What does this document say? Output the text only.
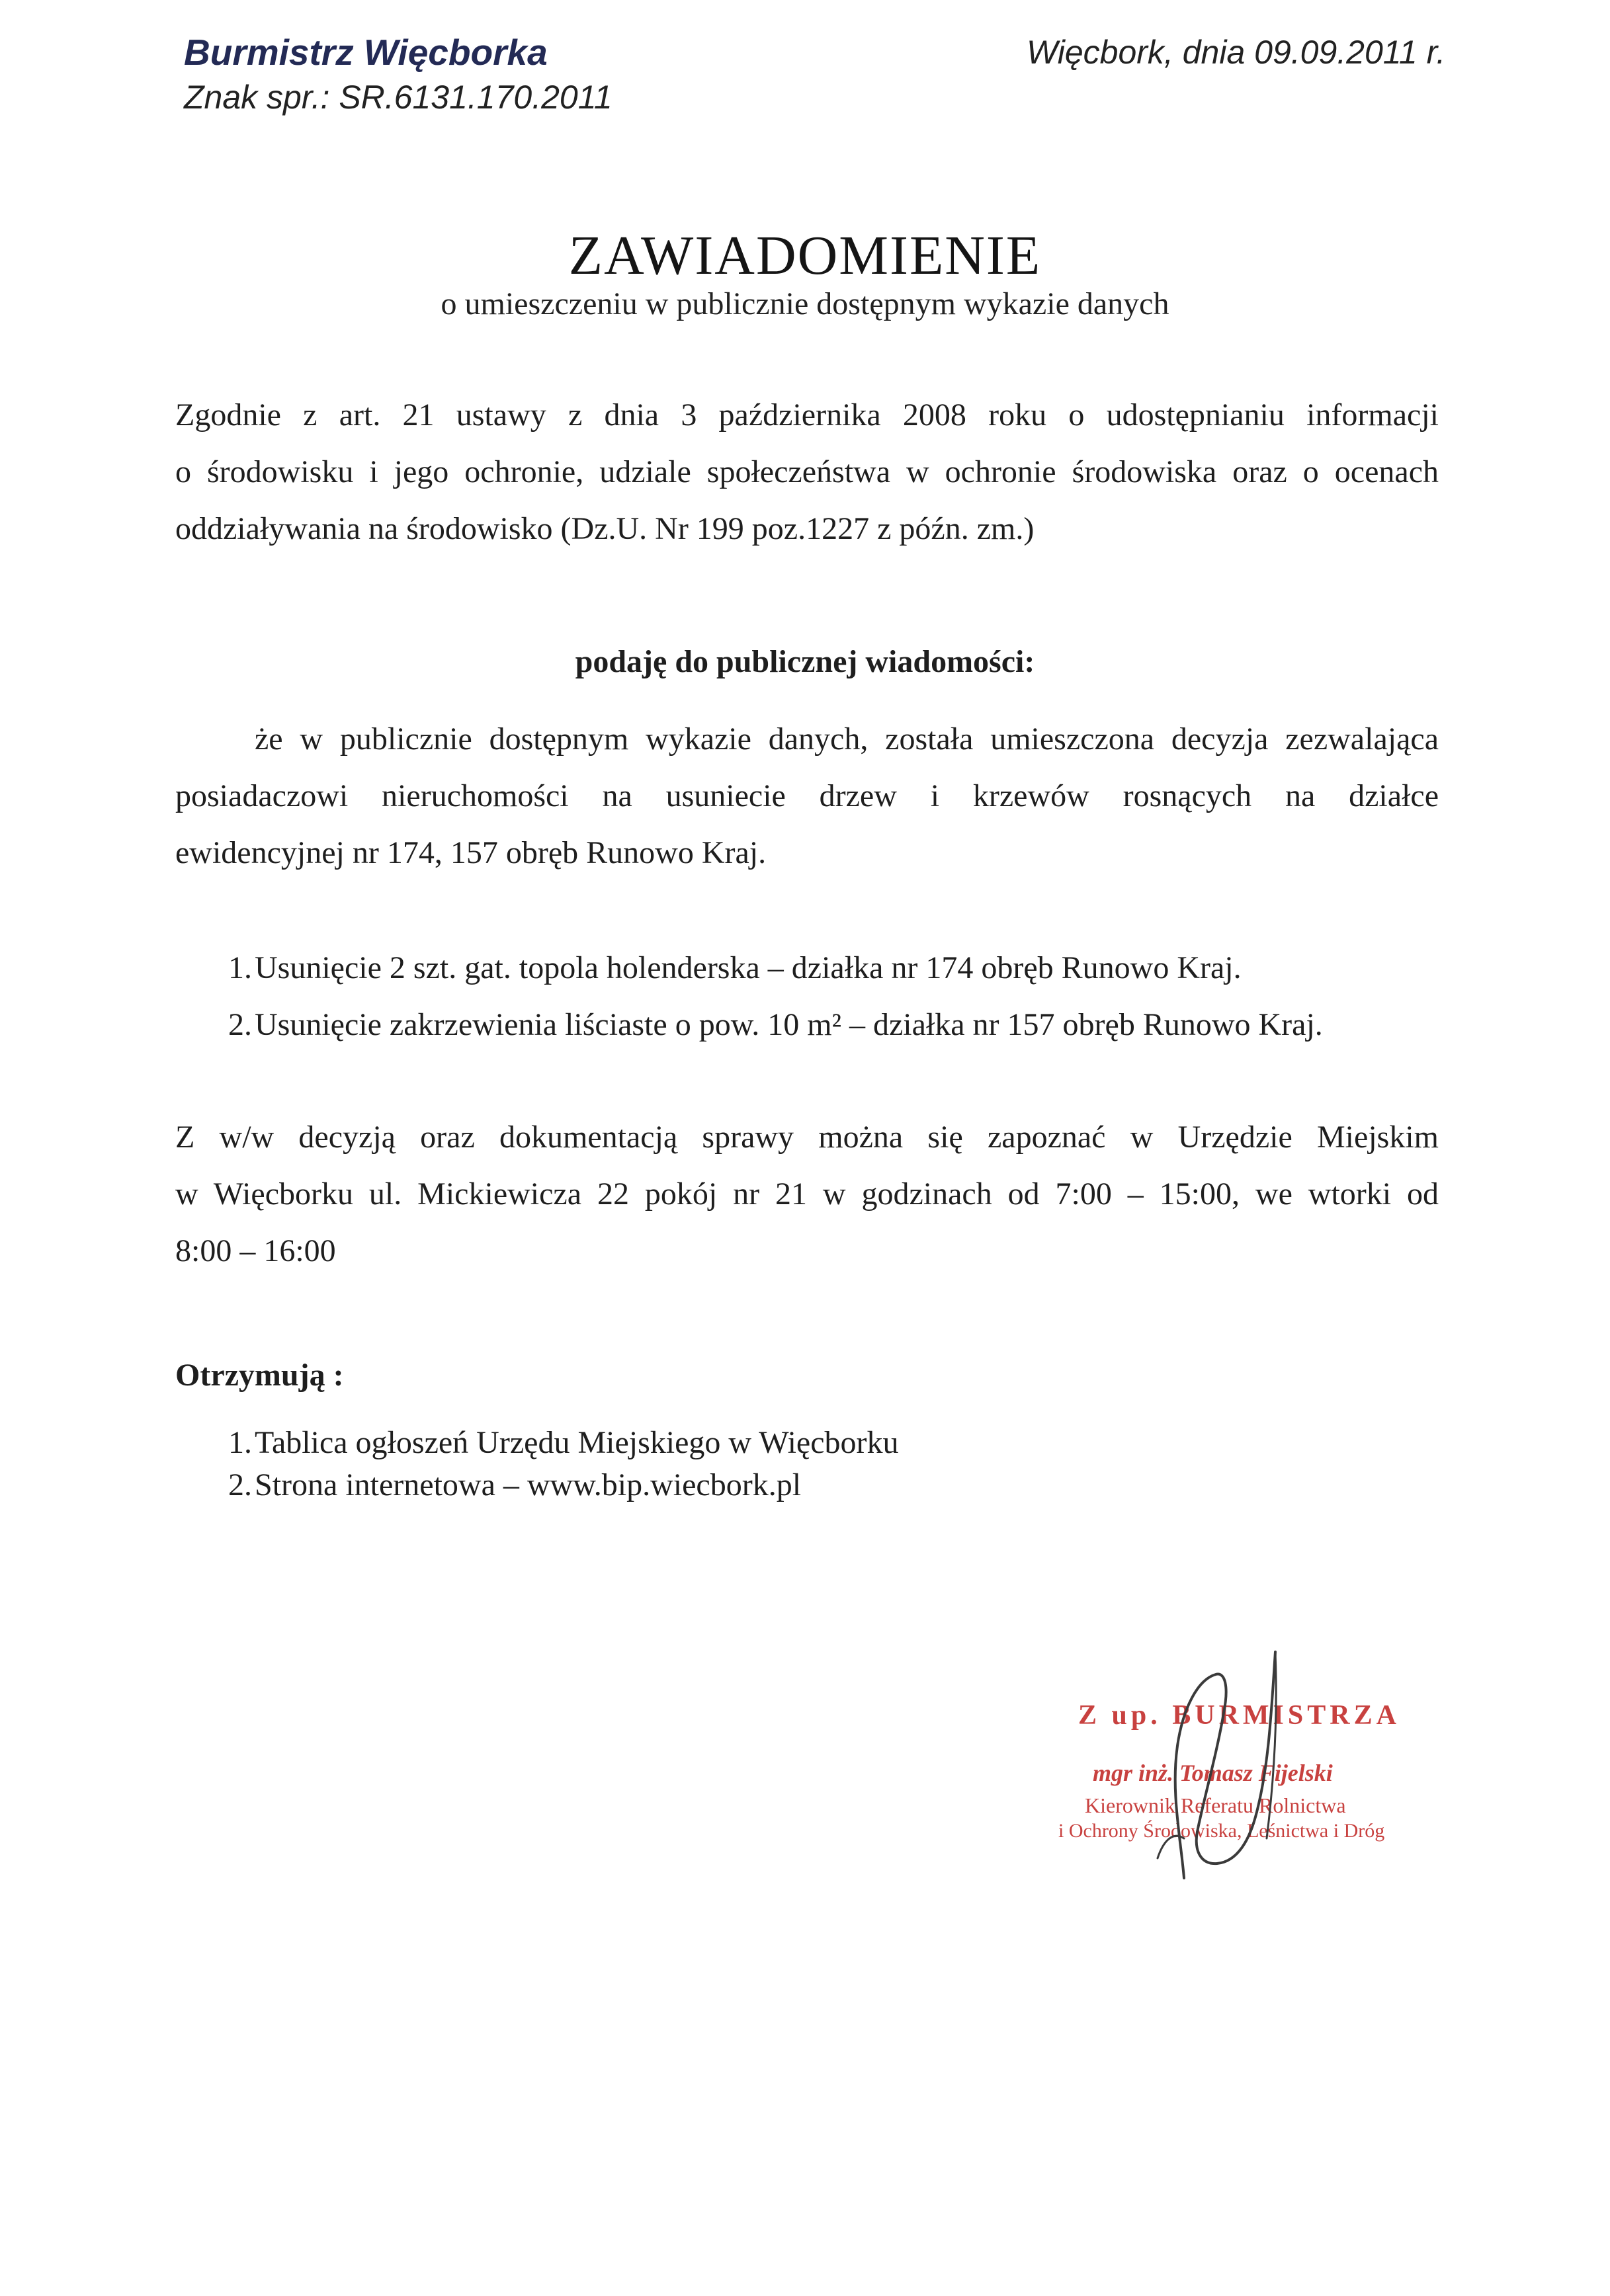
Burmistrz Więcborka
Znak spr.: SR.6131.170.2011
Więcbork, dnia 09.09.2011 r.
ZAWIADOMIENIE
o umieszczeniu w publicznie dostępnym wykazie danych
Zgodnie z art. 21 ustawy z dnia 3 października 2008 roku o udostępnianiu informacji
o środowisku i jego ochronie, udziale społeczeństwa w ochronie środowiska oraz o ocenach
oddziaływania na środowisko (Dz.U. Nr 199 poz.1227 z późn. zm.)
podaję do publicznej wiadomości:
że w publicznie dostępnym wykazie danych, została umieszczona decyzja zezwalająca
posiadaczowi nieruchomości na usuniecie drzew i krzewów rosnących na działce
ewidencyjnej nr 174, 157 obręb Runowo Kraj.
1. Usunięcie 2 szt. gat. topola holenderska – działka nr 174 obręb Runowo Kraj.
2. Usunięcie zakrzewienia liściaste o pow. 10 m² – działka nr 157 obręb Runowo Kraj.
Z w/w decyzją oraz dokumentacją sprawy można się zapoznać w Urzędzie Miejskim
w Więcborku ul. Mickiewicza 22 pokój nr 21 w godzinach od 7:00 – 15:00, we wtorki od
8:00 – 16:00
Otrzymują :
1. Tablica ogłoszeń Urzędu Miejskiego w Więcborku
2. Strona internetowa – www.bip.wiecbork.pl
Z up. BURMISTRZA
mgr inż. Tomasz Fijelski
Kierownik Referatu Rolnictwa
i Ochrony Środowiska, Leśnictwa i Dróg
